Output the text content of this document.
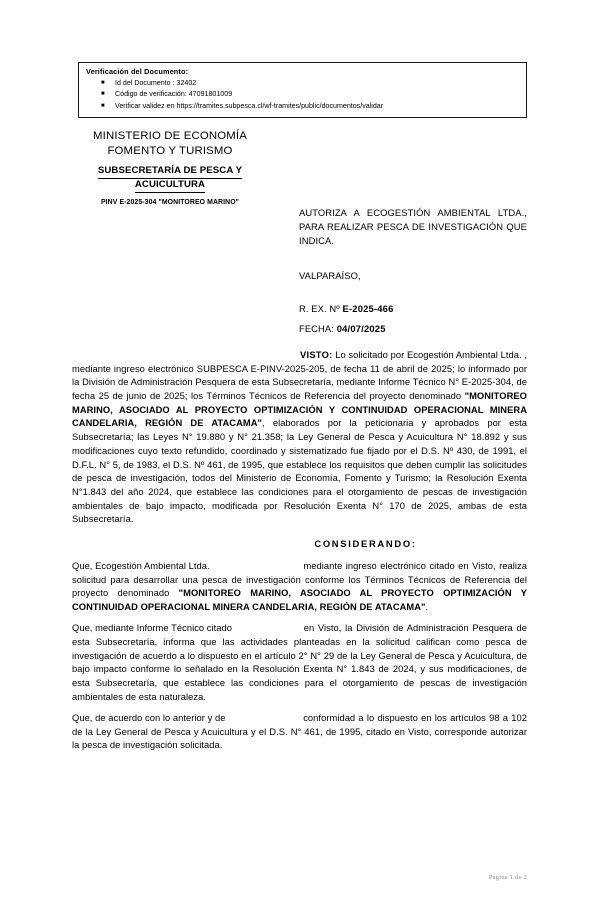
Verificación del Documento:
■ Id del Documento : 32402
■ Código de verificación: 47091801009
■ Verificar validez en https://tramites.subpesca.cl/wf-tramites/public/documentos/validar
MINISTERIO DE ECONOMÍA
FOMENTO Y TURISMO
SUBSECRETARÍA DE PESCA Y
ACUICULTURA
PINV E-2025-304 "MONITOREO MARINO"
AUTORIZA A ECOGESTIÓN AMBIENTAL LTDA., PARA REALIZAR PESCA DE INVESTIGACIÓN QUE INDICA.
VALPARAÍSO,
R. EX. Nº E-2025-466
FECHA: 04/07/2025

VISTO: Lo solicitado por Ecogestión Ambiental Ltda. , mediante ingreso electrónico SUBPESCA E-PINV-2025-205, de fecha 11 de abril de 2025; lo informado por la División de Administración Pesquera de esta Subsecretaría, mediante Informe Técnico N° E-2025-304, de fecha 25 de junio de 2025; los Términos Técnicos de Referencia del proyecto denominado "MONITOREO MARINO, ASOCIADO AL PROYECTO OPTIMIZACIÓN Y CONTINUIDAD OPERACIONAL MINERA CANDELARIA, REGIÓN DE ATACAMA", elaborados por la peticionaria y aprobados por esta Subsecretaría; las Leyes N° 19.880 y N° 21.358; la Ley General de Pesca y Acuicultura N° 18.892 y sus modificaciones cuyo texto refundido, coordinado y sistematizado fue fijado por el D.S. Nº 430, de 1991, el D.F.L. N° 5, de 1983, el D.S. Nº 461, de 1995, que establece los requisitos que deben cumplir las solicitudes de pesca de investigación, todos del Ministerio de Economía, Fomento y Turismo; la Resolución Exenta N°1.843 del año 2024, que establece las condiciones para el otorgamiento de pescas de investigación ambientales de bajo impacto, modificada por Resolución Exenta N° 170 de 2025, ambas de esta Subsecretaría.

CONSIDERANDO:

Que, Ecogestión Ambiental Ltda.	mediante ingreso electrónico citado en Visto, realiza solicitud para desarrollar una pesca de investigación conforme los Términos Técnicos de Referencia del proyecto denominado "MONITOREO MARINO, ASOCIADO AL PROYECTO OPTIMIZACIÓN Y CONTINUIDAD OPERACIONAL MINERA CANDELARIA, REGIÓN DE ATACAMA".

Que, mediante Informe Técnico citado	en Visto, la División de Administración Pesquera de esta Subsecretaría, informa que las actividades planteadas en la solicitud califican como pesca de investigación de acuerdo a lo dispuesto en el artículo 2° N° 29 de la Ley General de Pesca y Acuicultura, de bajo impacto conforme lo señalado en la Resolución Exenta N° 1.843 de 2024, y sus modificaciones, de esta Subsecretaría, que establece las condiciones para el otorgamiento de pescas de investigación ambientales de esta naturaleza.

Que, de acuerdo con lo anterior y de	conformidad a lo dispuesto en los artículos 98 a 102 de la Ley General de Pesca y Acuicultura y el D.S. N° 461, de 1995, citado en Visto, corresponde autorizar la pesca de investigación solicitada.

Página 1 de 2
